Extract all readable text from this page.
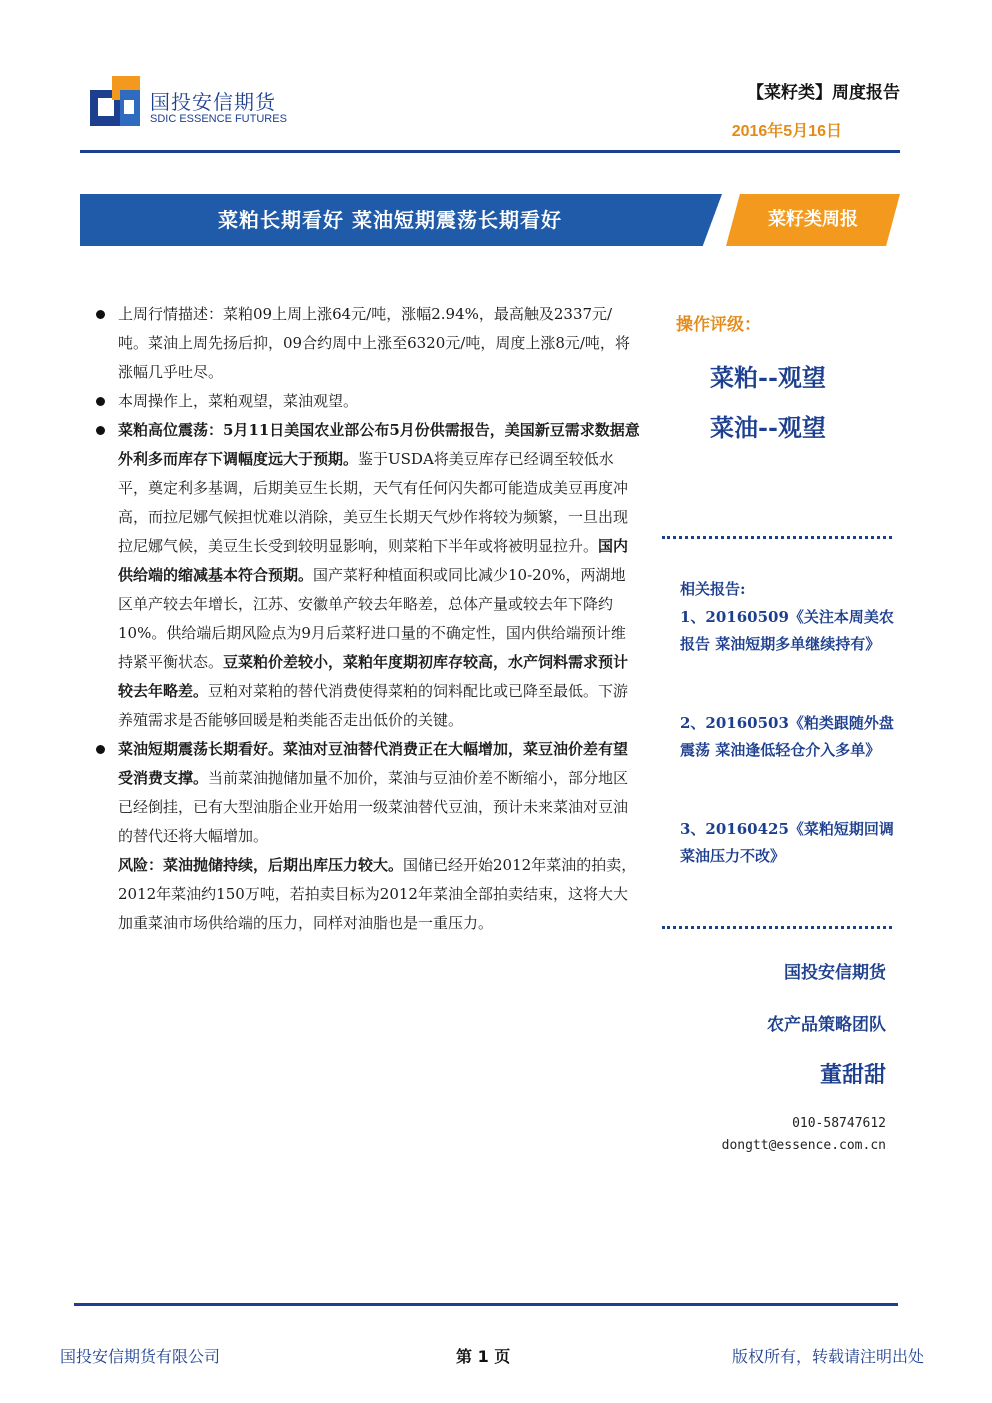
国投安信期货
SDIC ESSENCE FUTURES
【菜籽类】周度报告
2016年5月16日
菜粕长期看好 菜油短期震荡长期看好	菜籽类周报

上周行情描述：菜粕09上周上涨64元/吨，涨幅2.94%，最高触及2337元/吨。菜油上周先扬后抑，09合约周中上涨至6320元/吨，周度上涨8元/吨，将涨幅几乎吐尽。

本周操作上，菜粕观望，菜油观望。

菜粕高位震荡：5月11日美国农业部公布5月份供需报告，美国新豆需求数据意外利多而库存下调幅度远大于预期。鉴于USDA将美豆库存已经调至较低水平，奠定利多基调，后期美豆生长期，天气有任何闪失都可能造成美豆再度冲高，而拉尼娜气候担忧难以消除，美豆生长期天气炒作将较为频繁，一旦出现拉尼娜气候，美豆生长受到较明显影响，则菜粕下半年或将被明显拉升。国内供给端的缩减基本符合预期。国产菜籽种植面积或同比减少10-20%，两湖地区单产较去年增长，江苏、安徽单产较去年略差，总体产量或较去年下降约10%。供给端后期风险点为9月后菜籽进口量的不确定性，国内供给端预计维持紧平衡状态。豆菜粕价差较小，菜粕年度期初库存较高，水产饲料需求预计较去年略差。豆粕对菜粕的替代消费使得菜粕的饲料配比或已降至最低。下游养殖需求是否能够回暖是粕类能否走出低价的关键。

菜油短期震荡长期看好。菜油对豆油替代消费正在大幅增加，菜豆油价差有望受消费支撑。当前菜油抛储加量不加价，菜油与豆油价差不断缩小，部分地区已经倒挂，已有大型油脂企业开始用一级菜油替代豆油，预计未来菜油对豆油的替代还将大幅增加。
风险：菜油抛储持续，后期出库压力较大。国储已经开始2012年菜油的拍卖，2012年菜油约150万吨，若拍卖目标为2012年菜油全部拍卖结束，这将大大加重菜油市场供给端的压力，同样对油脂也是一重压力。

操作评级：
菜粕--观望
菜油--观望
相关报告:
1、20160509《关注本周美农报告 菜油短期多单继续持有》
2、20160503《粕类跟随外盘震荡 菜油逢低轻仓介入多单》
3、20160425《菜粕短期回调 菜油压力不改》
国投安信期货
农产品策略团队
董甜甜
010-58747612
dongtt@essence.com.cn
国投安信期货有限公司	第 1 页	版权所有，转载请注明出处
